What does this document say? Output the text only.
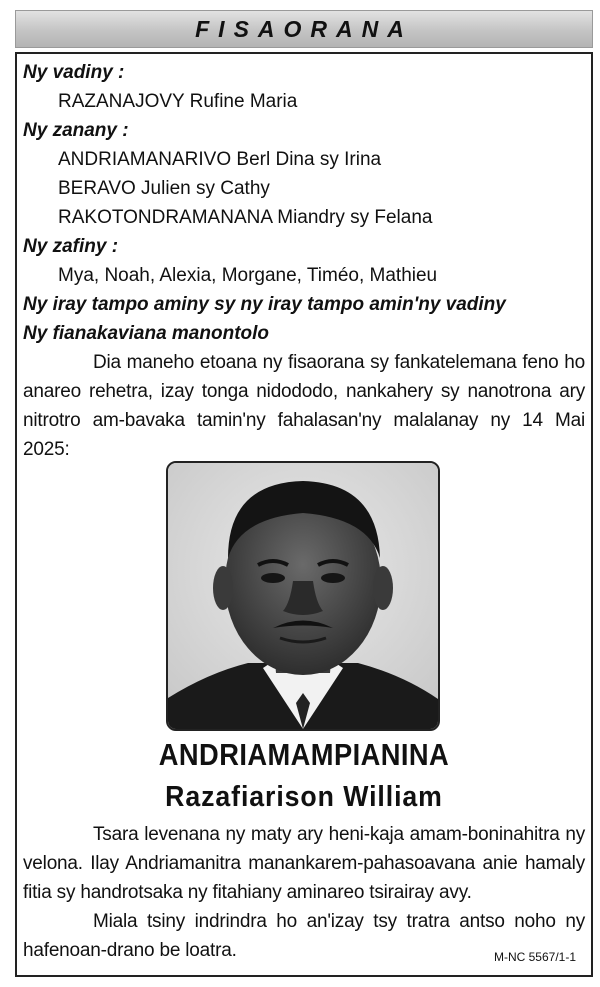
FISAORANA
Ny vadiny :
RAZANAJOVY Rufine Maria
Ny zanany :
ANDRIAMANARIVO Berl Dina sy Irina
BERAVO Julien sy Cathy
RAKOTONDRAMANANA Miandry sy Felana
Ny zafiny :
Mya, Noah, Alexia, Morgane, Timéo, Mathieu
Ny iray tampo aminy sy ny iray tampo amin'ny vadiny
Ny fianakaviana manontolo
Dia maneho etoana ny fisaorana sy fankatelemana feno ho anareo rehetra, izay tonga nidododo, nankahery sy nanotrona ary nitrotro am-bavaka tamin'ny fahalasan'ny malalanay ny 14 Mai 2025:
ANDRIAMAMPIANINA
Razafiarison William
Tsara levenana ny maty ary heni-kaja amam-boninahitra ny velona. Ilay Andriamanitra manankarem-pahasoavana anie hamaly fitia sy handrotsaka ny fitahiany aminareo tsirairay avy.
Miala tsiny indrindra ho an'izay tsy tratra antso noho ny hafenoan-drano be loatra.	M-NC 5567/1-1
